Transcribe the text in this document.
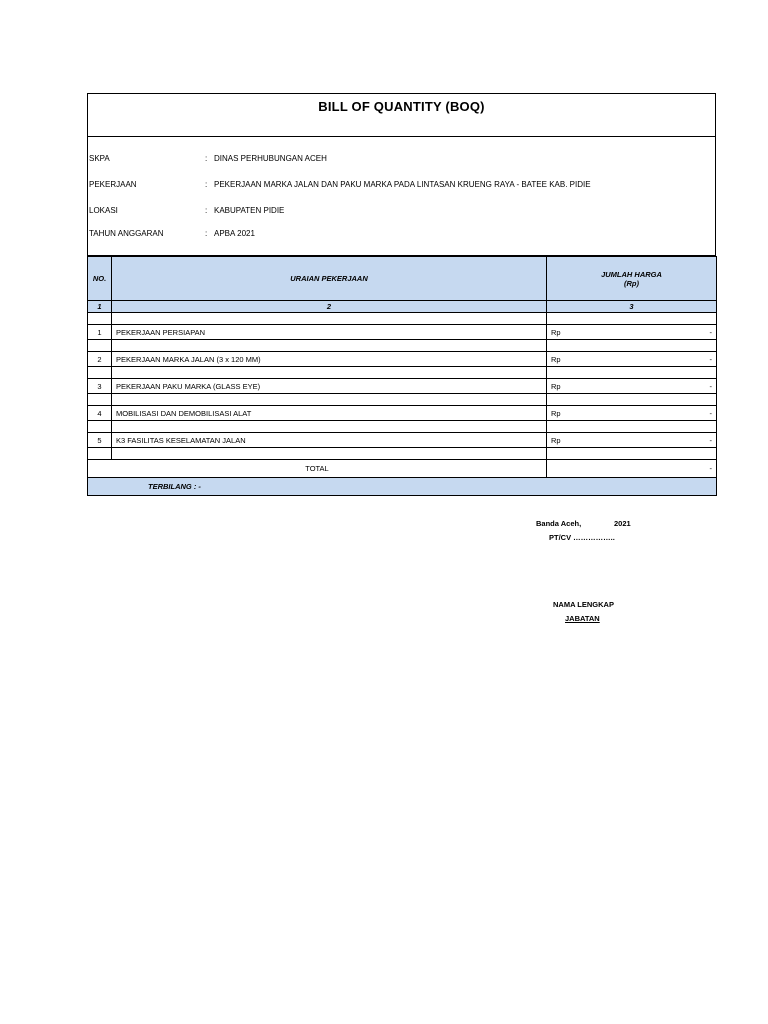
BILL OF QUANTITY (BOQ)
SKPA	: DINAS PERHUBUNGAN ACEH
PEKERJAAN	: PEKERJAAN MARKA JALAN DAN PAKU MARKA PADA LINTASAN KRUENG RAYA - BATEE KAB. PIDIE
LOKASI	: KABUPATEN PIDIE
TAHUN ANGGARAN	: APBA 2021
NO.	URAIAN PEKERJAAN	JUMLAH HARGA
(Rp)

1	2	3

1	PEKERJAAN PERSIAPAN	Rp -

2	PEKERJAAN MARKA JALAN (3 x 120 MM)	Rp -

3	PEKERJAAN PAKU MARKA (GLASS EYE)	Rp -

4	MOBILISASI DAN DEMOBILISASI ALAT	Rp -

5	K3 FASILITAS KESELAMATAN JALAN	Rp -

TOTAL		-
TERBILANG : -		
Banda Aceh,	2021
PT/CV ……………..
NAMA LENGKAP
JABATAN
